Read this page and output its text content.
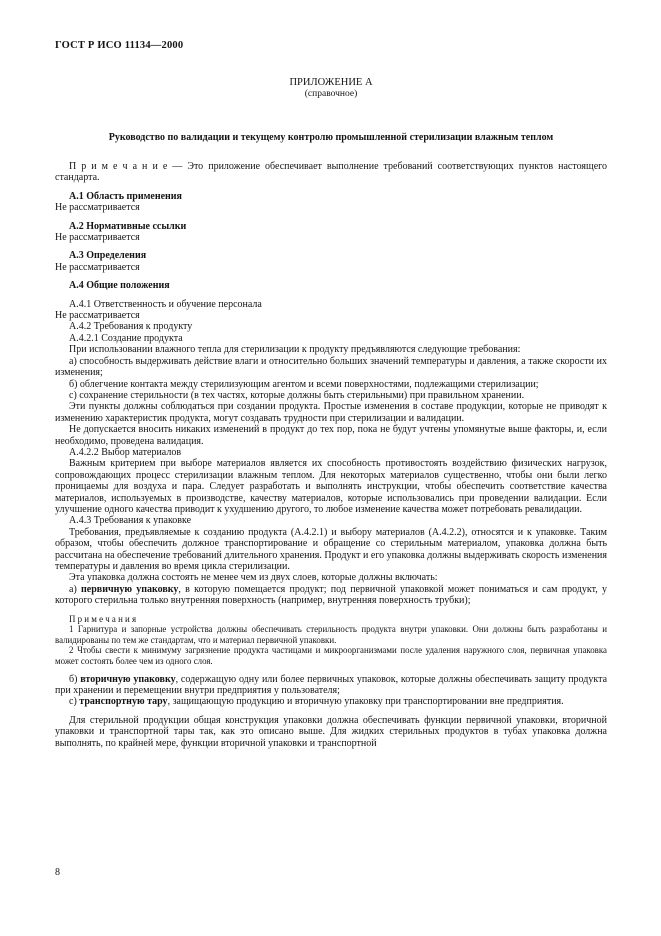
ГОСТ Р ИСО 11134—2000
ПРИЛОЖЕНИЕ А
(справочное)
Руководство по валидации и текущему контролю промышленной стерилизации влажным теплом

П р и м е ч а н и е — Это приложение обеспечивает выполнение требований соответствующих пунктов настоящего стандарта.

А.1 Область применения

Не рассматривается

А.2 Нормативные ссылки

Не рассматривается

А.3 Определения

Не рассматривается

А.4 Общие положения

А.4.1 Ответственность и обучение персонала

Не рассматривается

А.4.2 Требования к продукту

А.4.2.1 Создание продукта

При использовании влажного тепла для стерилизации к продукту предъявляются следующие требования:

а) способность выдерживать действие влаги и относительно больших значений температуры и давления, а также скорости их изменения;

б) облегчение контакта между стерилизующим агентом и всеми поверхностями, подлежащими стерилизации;

с) сохранение стерильности (в тех частях, которые должны быть стерильными) при правильном хранении.

Эти пункты должны соблюдаться при создании продукта. Простые изменения в составе продукции, которые не приводят к изменению характеристик продукта, могут создавать трудности при стерилизации и валидации.

Не допускается вносить никаких изменений в продукт до тех пор, пока не будут учтены упомянутые выше факторы, и, если необходимо, проведена валидация.

А.4.2.2 Выбор материалов

Важным критерием при выборе материалов является их способность противостоять воздействию физических нагрузок, сопровождающих процесс стерилизации влажным теплом. Для некоторых материалов существенно, чтобы они были легко проницаемы для воздуха и пара. Следует разработать и выполнять инструкции, чтобы обеспечить соответствие качества материалов, используемых в производстве, качеству материалов, которые использовались при проведении валидации. Если улучшение одного качества приводит к ухудшению другого, то любое изменение качества может потребовать ревалидации.

А.4.3 Требования к упаковке

Требования, предъявляемые к созданию продукта (А.4.2.1) и выбору материалов (А.4.2.2), относятся и к упаковке. Таким образом, чтобы обеспечить должное транспортирование и обращение со стерильным материалом, упаковка должна быть рассчитана на обеспечение требований длительного хранения. Продукт и его упаковка должны выдерживать скорость изменения температуры и давления во время цикла стерилизации.

Эта упаковка должна состоять не менее чем из двух слоев, которые должны включать:

а) первичную упаковку, в которую помещается продукт; под первичной упаковкой может пониматься и сам продукт, у которого стерильна только внутренняя поверхность (например, внутренняя поверхность трубки);

П р и м е ч а н и я

1 Гарнитура и запорные устройства должны обеспечивать стерильность продукта внутри упаковки. Они должны быть разработаны и валидированы по тем же стандартам, что и материал первичной упаковки.

2 Чтобы свести к минимуму загрязнение продукта частицами и микроорганизмами после удаления наружного слоя, первичная упаковка может состоять более чем из одного слоя.

б) вторичную упаковку, содержащую одну или более первичных упаковок, которые должны обеспечивать защиту продукта при хранении и перемещении внутри предприятия у пользователя;

с) транспортную тару, защищающую продукцию и вторичную упаковку при транспортировании вне предприятия.

Для стерильной продукции общая конструкция упаковки должна обеспечивать функции первичной упаковки, вторичной упаковки и транспортной тары так, как это описано выше. Для жидких стерильных продуктов в тубах упаковка должна выполнять, по крайней мере, функции вторичной упаковки и транспортной

8
